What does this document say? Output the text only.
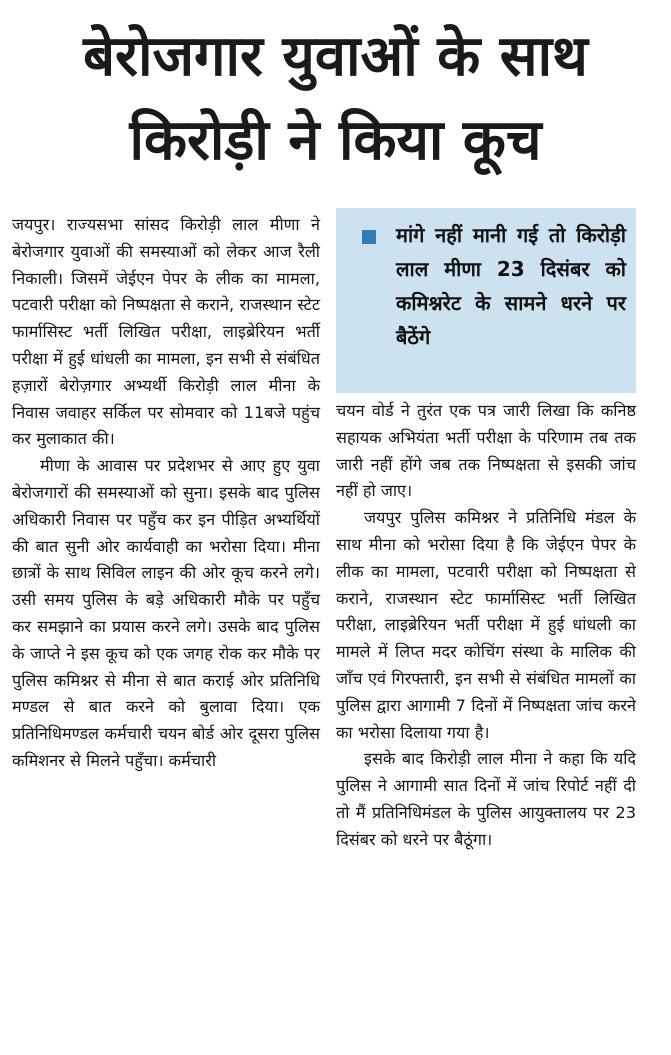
बेरोजगार युवाओं के साथ
किरोड़ी ने किया कूच

जयपुर। राज्यसभा सांसद किरोड़ी लाल मीणा ने बेरोजगार युवाओं की समस्याओं को लेकर आज रैली निकाली। जिसमें जेईएन पेपर के लीक का मामला, पटवारी परीक्षा को निष्पक्षता से कराने, राजस्थान स्टेट फार्मासिस्ट भर्ती लिखित परीक्षा, लाइब्रेरियन भर्ती परीक्षा में हुई धांधली का मामला, इन सभी से संबंधित हज़ारों बेरोज़गार अभ्यर्थी किरोड़ी लाल मीना के निवास जवाहर सर्किल पर सोमवार को 11बजे पहुंच कर मुलाकात की।

मीणा के आवास पर प्रदेशभर से आए हुए युवा बेरोजगारों की समस्याओं को सुना। इसके बाद पुलिस अधिकारी निवास पर पहुँच कर इन पीड़ित अभ्यर्थियों की बात सुनी ओर कार्यवाही का भरोसा दिया। मीना छात्रों के साथ सिविल लाइन की ओर कूच करने लगे। उसी समय पुलिस के बड़े अधिकारी मौके पर पहुँच कर समझाने का प्रयास करने लगे। उसके बाद पुलिस के जाप्ते ने इस कूच को एक जगह रोक कर मौके पर पुलिस कमिश्नर से मीना से बात कराई ओर प्रतिनिधि मण्डल से बात करने को बुलावा दिया। एक प्रतिनिधिमण्डल कर्मचारी चयन बोर्ड ओर दूसरा पुलिस कमिशनर से मिलने पहुँचा। कर्मचारी

मांगे नहीं मानी गई तो किरोड़ी लाल मीणा 23 दिसंबर को कमिश्नरेट के सामने धरने पर बैठेंगे

चयन वोर्ड ने तुरंत एक पत्र जारी लिखा कि कनिष्ठ सहायक अभियंता भर्ती परीक्षा के परिणाम तब तक जारी नहीं होंगे जब तक निष्पक्षता से इसकी जांच नहीं हो जाए।

जयपुर पुलिस कमिश्नर ने प्रतिनिधि मंडल के साथ मीना को भरोसा दिया है कि जेईएन पेपर के लीक का मामला, पटवारी परीक्षा को निष्पक्षता से कराने, राजस्थान स्टेट फार्मासिस्ट भर्ती लिखित परीक्षा, लाइब्रेरियन भर्ती परीक्षा में हुई धांधली का मामले में लिप्त मदर कोचिंग संस्था के मालिक की जाँच एवं गिरफ्तारी, इन सभी से संबंधित मामलों का पुलिस द्वारा आगामी 7 दिनों में निष्पक्षता जांच करने का भरोसा दिलाया गया है।

इसके बाद किरोड़ी लाल मीना ने कहा कि यदि पुलिस ने आगामी सात दिनों में जांच रिपोर्ट नहीं दी तो मैं प्रतिनिधिमंडल के पुलिस आयुक्तालय पर 23 दिसंबर को धरने पर बैठूंगा।
